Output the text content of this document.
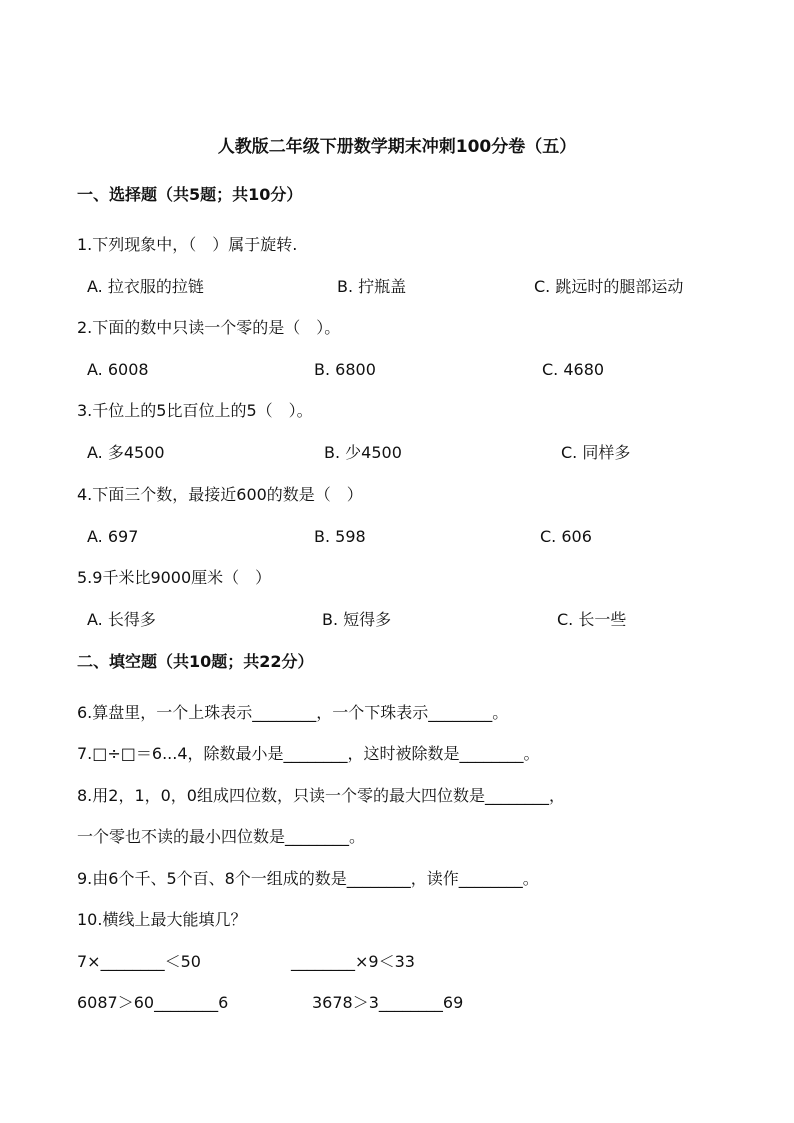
人教版二年级下册数学期末冲刺100分卷（五）
一、选择题（共5题；共10分）
1.下列现象中，（　）属于旋转.
A. 拉衣服的拉链	B. 拧瓶盖	C. 跳远时的腿部运动
2.下面的数中只读一个零的是（　）。
A. 6008	B. 6800	C. 4680
3.千位上的5比百位上的5（　）。
A. 多4500	B. 少4500	C. 同样多
4.下面三个数，最接近600的数是（　）
A. 697	B. 598	C. 606
5.9千米比9000厘米（　）
A. 长得多	B. 短得多	C. 长一些
二、填空题（共10题；共22分）
6.算盘里，一个上珠表示________，一个下珠表示________。
7.□÷□＝6...4，除数最小是________，这时被除数是________。
8.用2，1，0，0组成四位数，只读一个零的最大四位数是________，
一个零也不读的最小四位数是________。
9.由6个千、5个百、8个一组成的数是________，读作________。
10.横线上最大能填几？
7×________＜50	________×9＜33
6087＞60________6	3678＞3________69
